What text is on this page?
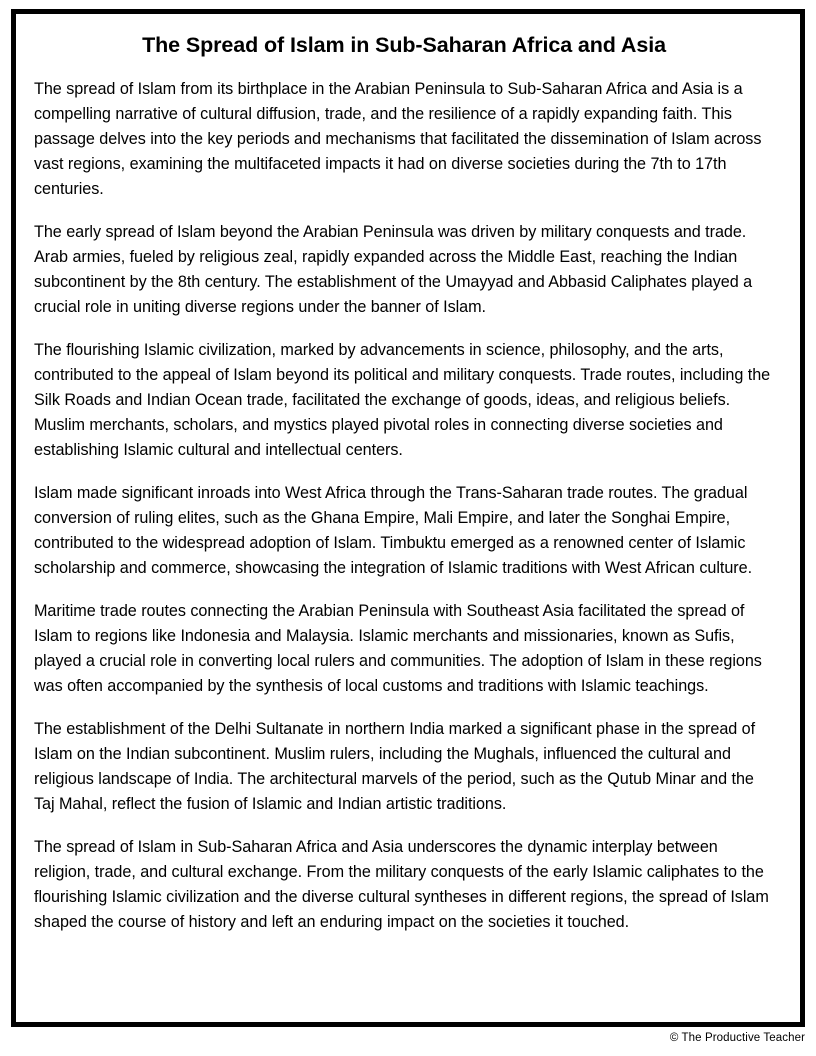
The Spread of Islam in Sub-Saharan Africa and Asia

The spread of Islam from its birthplace in the Arabian Peninsula to Sub-Saharan Africa and Asia is a compelling narrative of cultural diffusion, trade, and the resilience of a rapidly expanding faith. This passage delves into the key periods and mechanisms that facilitated the dissemination of Islam across vast regions, examining the multifaceted impacts it had on diverse societies during the 7th to 17th centuries.

The early spread of Islam beyond the Arabian Peninsula was driven by military conquests and trade. Arab armies, fueled by religious zeal, rapidly expanded across the Middle East, reaching the Indian subcontinent by the 8th century. The establishment of the Umayyad and Abbasid Caliphates played a crucial role in uniting diverse regions under the banner of Islam.

The flourishing Islamic civilization, marked by advancements in science, philosophy, and the arts, contributed to the appeal of Islam beyond its political and military conquests. Trade routes, including the Silk Roads and Indian Ocean trade, facilitated the exchange of goods, ideas, and religious beliefs. Muslim merchants, scholars, and mystics played pivotal roles in connecting diverse societies and establishing Islamic cultural and intellectual centers.

Islam made significant inroads into West Africa through the Trans-Saharan trade routes. The gradual conversion of ruling elites, such as the Ghana Empire, Mali Empire, and later the Songhai Empire, contributed to the widespread adoption of Islam. Timbuktu emerged as a renowned center of Islamic scholarship and commerce, showcasing the integration of Islamic traditions with West African culture.

Maritime trade routes connecting the Arabian Peninsula with Southeast Asia facilitated the spread of Islam to regions like Indonesia and Malaysia. Islamic merchants and missionaries, known as Sufis, played a crucial role in converting local rulers and communities. The adoption of Islam in these regions was often accompanied by the synthesis of local customs and traditions with Islamic teachings.

The establishment of the Delhi Sultanate in northern India marked a significant phase in the spread of Islam on the Indian subcontinent. Muslim rulers, including the Mughals, influenced the cultural and religious landscape of India. The architectural marvels of the period, such as the Qutub Minar and the Taj Mahal, reflect the fusion of Islamic and Indian artistic traditions.

The spread of Islam in Sub-Saharan Africa and Asia underscores the dynamic interplay between religion, trade, and cultural exchange. From the military conquests of the early Islamic caliphates to the flourishing Islamic civilization and the diverse cultural syntheses in different regions, the spread of Islam shaped the course of history and left an enduring impact on the societies it touched.

© The Productive Teacher
